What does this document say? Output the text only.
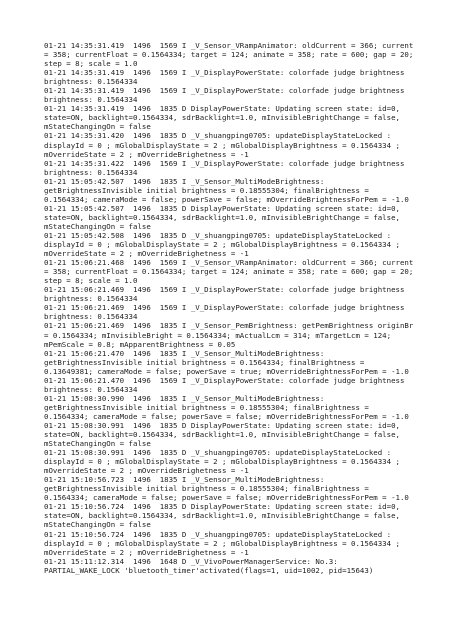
01-21 14:35:31.419  1496  1569 I _V_Sensor_VRampAnimator: oldCurrent = 366; current
= 358; currentFloat = 0.1564334; target = 124; animate = 358; rate = 600; gap = 20;
step = 8; scale = 1.0
01-21 14:35:31.419  1496  1569 I _V_DisplayPowerState: colorfade judge brightness
brightness: 0.1564334
01-21 14:35:31.419  1496  1569 I _V_DisplayPowerState: colorfade judge brightness
brightness: 0.1564334
01-21 14:35:31.419  1496  1835 D DisplayPowerState: Updating screen state: id=0,
state=ON, backlight=0.1564334, sdrBacklight=1.0, mInvisibleBrightChange = false,
mStateChangingOn = false
01-21 14:35:31.420  1496  1835 D _V_shuangping0705: updateDisplayStateLocked :
displayId = 0 ; mGlobalDisplayState = 2 ; mGlobalDisplayBrightness = 0.1564334 ;
mOverrideState = 2 ; mOverrideBrighetness = -1
01-21 14:35:31.422  1496  1569 I _V_DisplayPowerState: colorfade judge brightness
brightness: 0.1564334
01-21 15:05:42.507  1496  1835 I _V_Sensor_MultiModeBrightness:
getBrightnessInvisible initial brightness = 0.18555304; finalBrightness =
0.1564334; cameraMode = false; powerSave = false; mOverrideBrightnessForPem = -1.0
01-21 15:05:42.507  1496  1835 D DisplayPowerState: Updating screen state: id=0,
state=ON, backlight=0.1564334, sdrBacklight=1.0, mInvisibleBrightChange = false,
mStateChangingOn = false
01-21 15:05:42.508  1496  1835 D _V_shuangping0705: updateDisplayStateLocked :
displayId = 0 ; mGlobalDisplayState = 2 ; mGlobalDisplayBrightness = 0.1564334 ;
mOverrideState = 2 ; mOverrideBrighetness = -1
01-21 15:06:21.468  1496  1569 I _V_Sensor_VRampAnimator: oldCurrent = 366; current
= 358; currentFloat = 0.1564334; target = 124; animate = 358; rate = 600; gap = 20;
step = 8; scale = 1.0
01-21 15:06:21.469  1496  1569 I _V_DisplayPowerState: colorfade judge brightness
brightness: 0.1564334
01-21 15:06:21.469  1496  1569 I _V_DisplayPowerState: colorfade judge brightness
brightness: 0.1564334
01-21 15:06:21.469  1496  1835 I _V_Sensor_PemBrightness: getPemBrightness originBr
= 0.1564334; mInvisibleBright = 0.1564334; mActualLcm = 314; mTargetLcm = 124;
mPemScale = 0.8; mApparentBrightness = 0.05
01-21 15:06:21.470  1496  1835 I _V_Sensor_MultiModeBrightness:
getBrightnessInvisible initial brightness = 0.1564334; finalBrightness =
0.13649381; cameraMode = false; powerSave = true; mOverrideBrightnessForPem = -1.0
01-21 15:06:21.470  1496  1569 I _V_DisplayPowerState: colorfade judge brightness
brightness: 0.1564334
01-21 15:08:30.990  1496  1835 I _V_Sensor_MultiModeBrightness:
getBrightnessInvisible initial brightness = 0.18555304; finalBrightness =
0.1564334; cameraMode = false; powerSave = false; mOverrideBrightnessForPem = -1.0
01-21 15:08:30.991  1496  1835 D DisplayPowerState: Updating screen state: id=0,
state=ON, backlight=0.1564334, sdrBacklight=1.0, mInvisibleBrightChange = false,
mStateChangingOn = false
01-21 15:08:30.991  1496  1835 D _V_shuangping0705: updateDisplayStateLocked :
displayId = 0 ; mGlobalDisplayState = 2 ; mGlobalDisplayBrightness = 0.1564334 ;
mOverrideState = 2 ; mOverrideBrighetness = -1
01-21 15:10:56.723  1496  1835 I _V_Sensor_MultiModeBrightness:
getBrightnessInvisible initial brightness = 0.18555304; finalBrightness =
0.1564334; cameraMode = false; powerSave = false; mOverrideBrightnessForPem = -1.0
01-21 15:10:56.724  1496  1835 D DisplayPowerState: Updating screen state: id=0,
state=ON, backlight=0.1564334, sdrBacklight=1.0, mInvisibleBrightChange = false,
mStateChangingOn = false
01-21 15:10:56.724  1496  1835 D _V_shuangping0705: updateDisplayStateLocked :
displayId = 0 ; mGlobalDisplayState = 2 ; mGlobalDisplayBrightness = 0.1564334 ;
mOverrideState = 2 ; mOverrideBrighetness = -1
01-21 15:11:12.314  1496  1648 D _V_VivoPowerManagerService: No.3:
PARTIAL_WAKE_LOCK 'bluetooth_timer'activated(flags=1, uid=1002, pid=15643)
